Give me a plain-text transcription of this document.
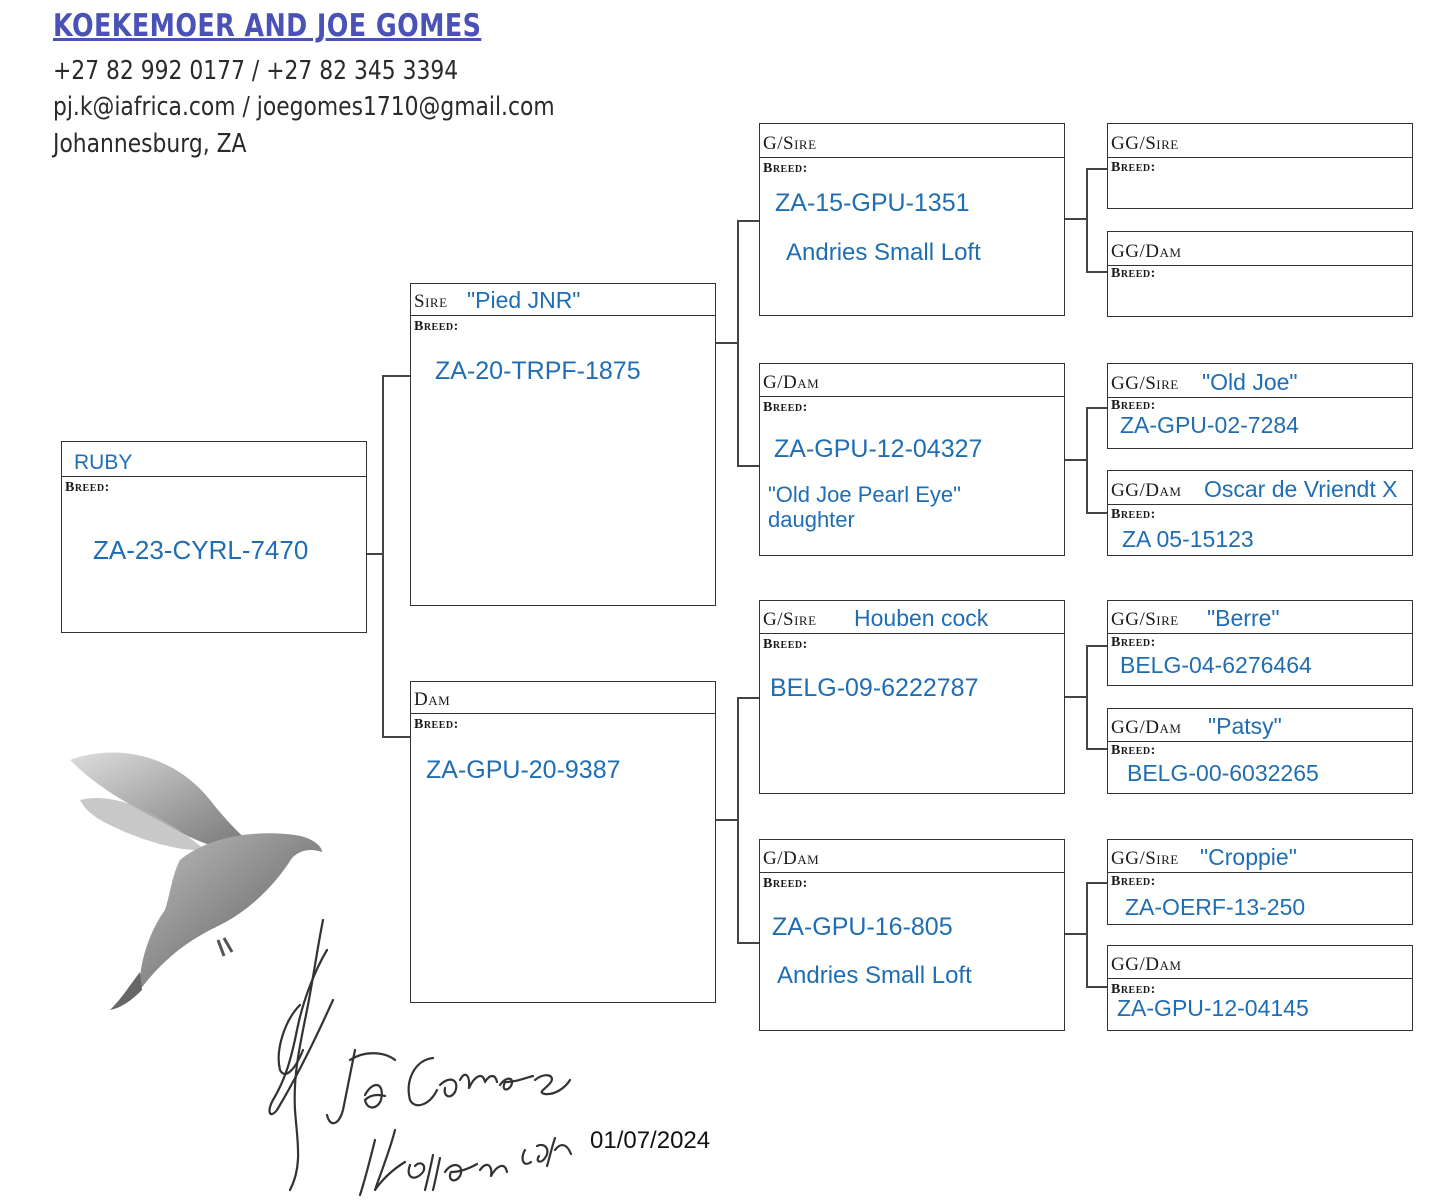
KOEKEMOER AND JOE GOMES
+27 82 992 0177 / +27 82 345 3394
pj.k@iafrica.com / joegomes1710@gmail.com
Johannesburg, ZA
RUBY
Breed:
ZA-23-CYRL-7470
Sire "Pied JNR"
Breed:
ZA-20-TRPF-1875
Dam
Breed:
ZA-GPU-20-9387
G/Sire
Breed:
ZA-15-GPU-1351
Andries Small Loft
G/Dam
Breed:
ZA-GPU-12-04327
"Old Joe Pearl Eye"
daughter
G/Sire Houben cock
Breed:
BELG-09-6222787
G/Dam
Breed:
ZA-GPU-16-805
Andries Small Loft
GG/Sire
Breed:
GG/Dam
Breed:
GG/Sire "Old Joe"
Breed:
ZA-GPU-02-7284
GG/Dam Oscar de Vriendt X
Breed:
ZA 05-15123
GG/Sire "Berre"
Breed:
BELG-04-6276464
GG/Dam "Patsy"
Breed:
BELG-00-6032265
GG/Sire "Croppie"
Breed:
ZA-OERF-13-250
GG/Dam
Breed:
ZA-GPU-12-04145
01/07/2024
